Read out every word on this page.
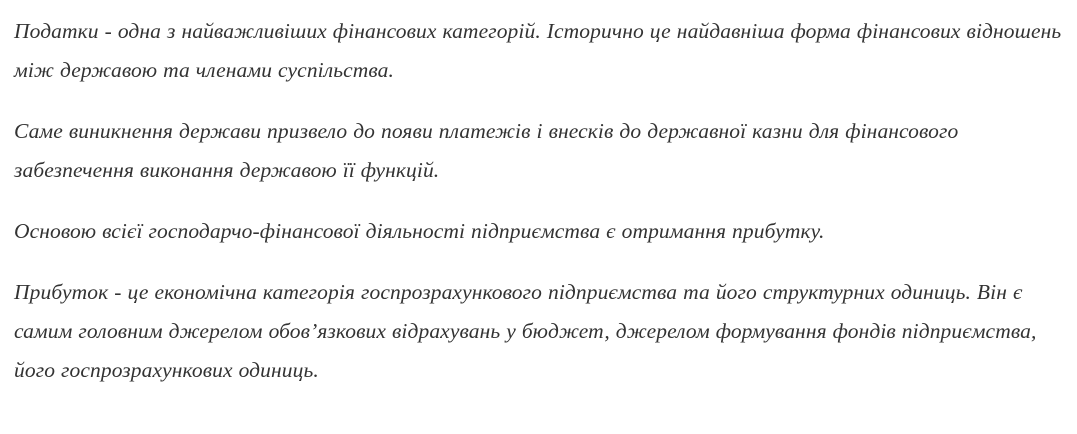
Податки - одна з найважливіших фінансових категорій. Історично це найдавніша форма фінансових відношень між державою та членами суспільства.

Саме виникнення держави призвело до появи платежів і внесків до державної казни для фінансового забезпечення виконання державою її функцій.

Основою всієї господарчо-фінансової діяльності підприємства є отримання прибутку.

Прибуток - це економічна категорія госпрозрахункового підприємства та його структурних одиниць. Він є самим головним джерелом обов’язкових відрахувань у бюджет, джерелом формування фондів підприємства, його госпрозрахункових одиниць.
